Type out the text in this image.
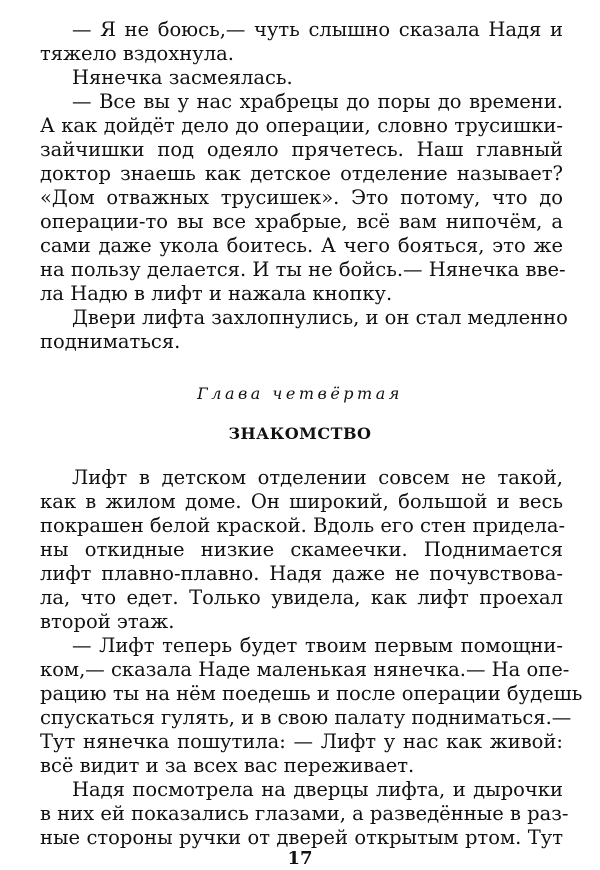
— Я не боюсь,— чуть слышно сказала Надя и
тяжело вздохнула.
Нянечка засмеялась.
— Все вы у нас храбрецы до поры до времени.
А как дойдёт дело до операции, словно трусишки-
зайчишки под одеяло прячетесь. Наш главный
доктор знаешь как детское отделение называет?
«Дом отважных трусишек». Это потому, что до
операции-то вы все храбрые, всё вам нипочём, а
сами даже укола боитесь. А чего бояться, это же
на пользу делается. И ты не бойсь.— Нянечка вве-
ла Надю в лифт и нажала кнопку.
Двери лифта захлопнулись, и он стал медленно
подниматься.
Глава четвёртая
ЗНАКОМСТВО
Лифт в детском отделении совсем не такой,
как в жилом доме. Он широкий, большой и весь
покрашен белой краской. Вдоль его стен приделa-
ны откидные низкие скамеечки. Поднимается
лифт плавно-плавно. Надя даже не почувствова-
ла, что едет. Только увидела, как лифт проехал
второй этаж.
— Лифт теперь будет твоим первым помощни-
ком,— сказала Наде маленькая нянечка.— На опе-
рацию ты на нём поедешь и после операции будешь
спускаться гулять, и в свою палату подниматься.—
Тут нянечка пошутила: — Лифт у нас как живой:
всё видит и за всех вас переживает.
Надя посмотрела на дверцы лифта, и дырочки
в них ей показались глазами, а разведённые в раз-
ные стороны ручки от дверей открытым ртом. Тут
17
